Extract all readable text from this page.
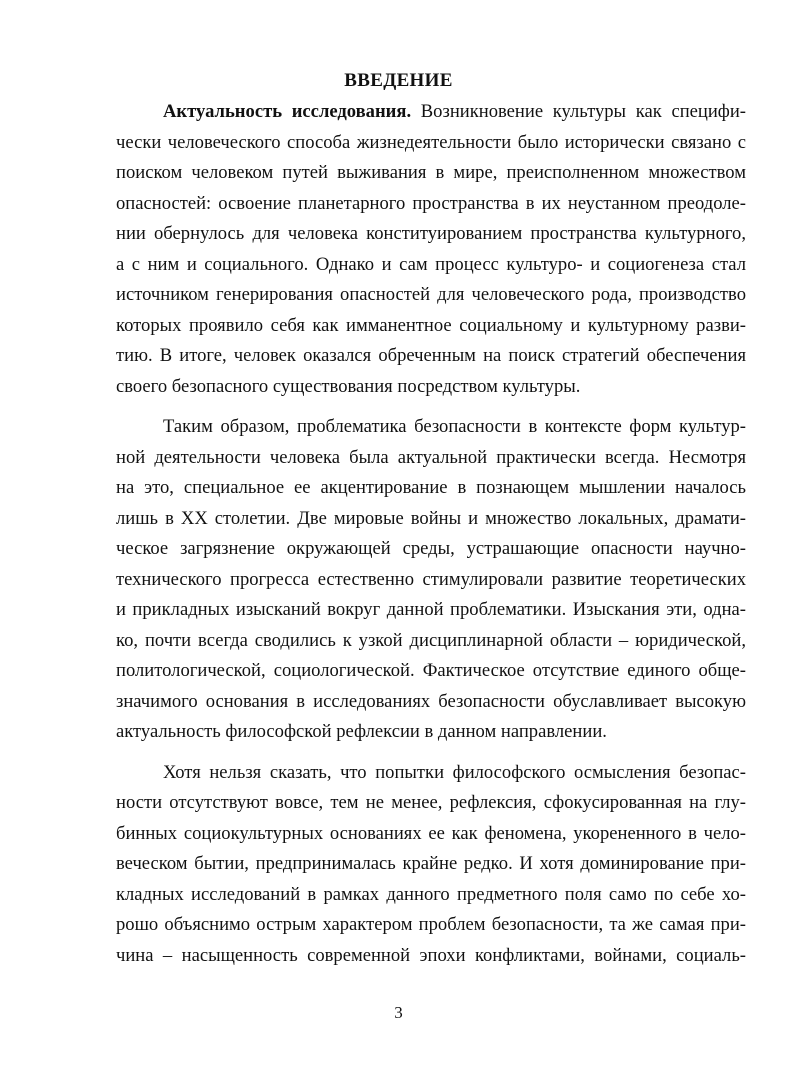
ВВЕДЕНИЕ
Актуальность исследования. Возникновение культуры как специфи-
чески человеческого способа жизнедеятельности было исторически связано с
поиском человеком путей выживания в мире, преисполненном множеством
опасностей: освоение планетарного пространства в их неустанном преодоле-
нии обернулось для человека конституированием пространства культурного,
а с ним и социального. Однако и сам процесс культуро- и социогенеза стал
источником генерирования опасностей для человеческого рода, производство
которых проявило себя как имманентное социальному и культурному разви-
тию. В итоге, человек оказался обреченным на поиск стратегий обеспечения
своего безопасного существования посредством культуры.
Таким образом, проблематика безопасности в контексте форм культур-
ной деятельности человека была актуальной практически всегда. Несмотря
на это, специальное ее акцентирование в познающем мышлении началось
лишь в XX столетии. Две мировые войны и множество локальных, драмати-
ческое загрязнение окружающей среды, устрашающие опасности научно-
технического прогресса естественно стимулировали развитие теоретических
и прикладных изысканий вокруг данной проблематики. Изыскания эти, одна-
ко, почти всегда сводились к узкой дисциплинарной области – юридической,
политологической, социологической. Фактическое отсутствие единого обще-
значимого основания в исследованиях безопасности обуславливает высокую
актуальность философской рефлексии в данном направлении.
Хотя нельзя сказать, что попытки философского осмысления безопас-
ности отсутствуют вовсе, тем не менее, рефлексия, сфокусированная на глу-
бинных социокультурных основаниях ее как феномена, укорененного в чело-
веческом бытии, предпринималась крайне редко. И хотя доминирование при-
кладных исследований в рамках данного предметного поля само по себе хо-
рошо объяснимо острым характером проблем безопасности, та же самая при-
чина – насыщенность современной эпохи конфликтами, войнами, социаль-
3
